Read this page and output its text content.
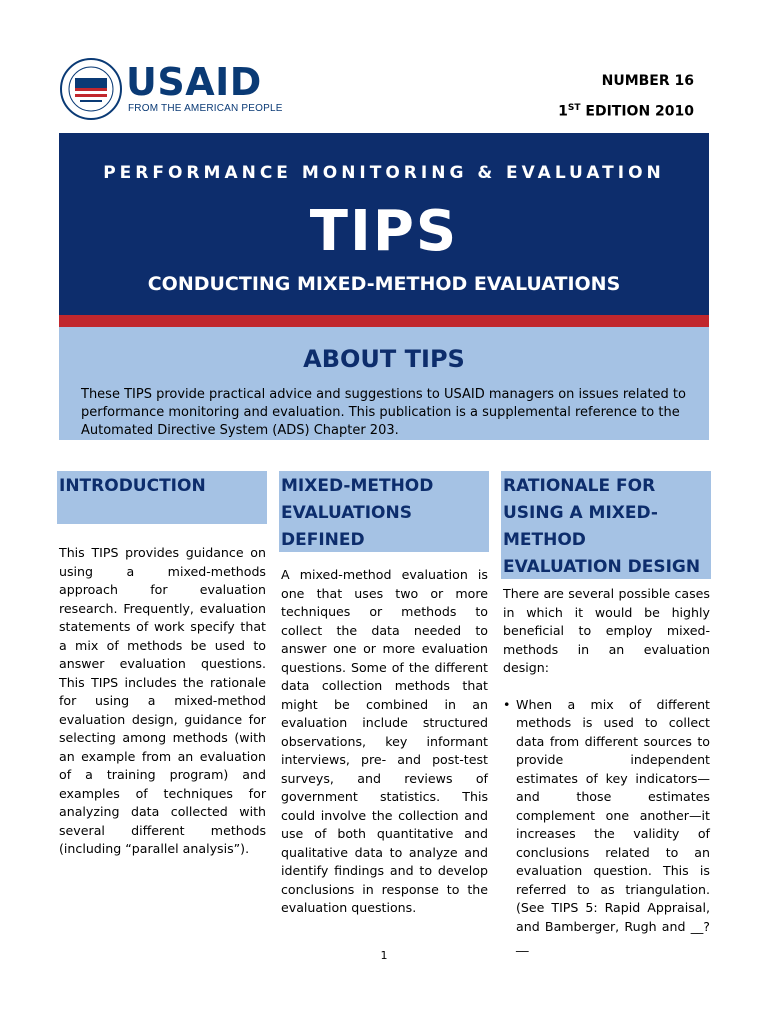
USAID
FROM THE AMERICAN PEOPLE
NUMBER 16
1ST EDITION 2010
PERFORMANCE MONITORING & EVALUATION
TIPS
CONDUCTING MIXED-METHOD EVALUATIONS
ABOUT TIPS

These TIPS provide practical advice and suggestions to USAID managers on issues related to performance monitoring and evaluation. This publication is a supplemental reference to the Automated Directive System (ADS) Chapter 203.

INTRODUCTION

This TIPS provides guidance on using a mixed-methods approach for evaluation research. Frequently, evaluation statements of work specify that a mix of methods be used to answer evaluation questions. This TIPS includes the rationale for using a mixed-method evaluation design, guidance for selecting among methods (with an example from an evaluation of a training program) and examples of techniques for analyzing data collected with several different methods (including “parallel analysis”).

MIXED-METHOD EVALUATIONS DEFINED

A mixed-method evaluation is one that uses two or more techniques or methods to collect the data needed to answer one or more evaluation questions. Some of the different data collection methods that might be combined in an evaluation include structured observations, key informant interviews, pre- and post-test surveys, and reviews of government statistics. This could involve the collection and use of both quantitative and qualitative data to analyze and identify findings and to develop conclusions in response to the evaluation questions.

RATIONALE FOR USING A MIXED-METHOD EVALUATION DESIGN

There are several possible cases in which it would be highly beneficial to employ mixed-methods in an evaluation design:

• When a mix of different methods is used to collect data from different sources to provide independent estimates of key indicators—and those estimates complement one another—it increases the validity of conclusions related to an evaluation question. This is referred to as triangulation. (See TIPS 5: Rapid Appraisal, and Bamberger, Rugh and __?__
1
